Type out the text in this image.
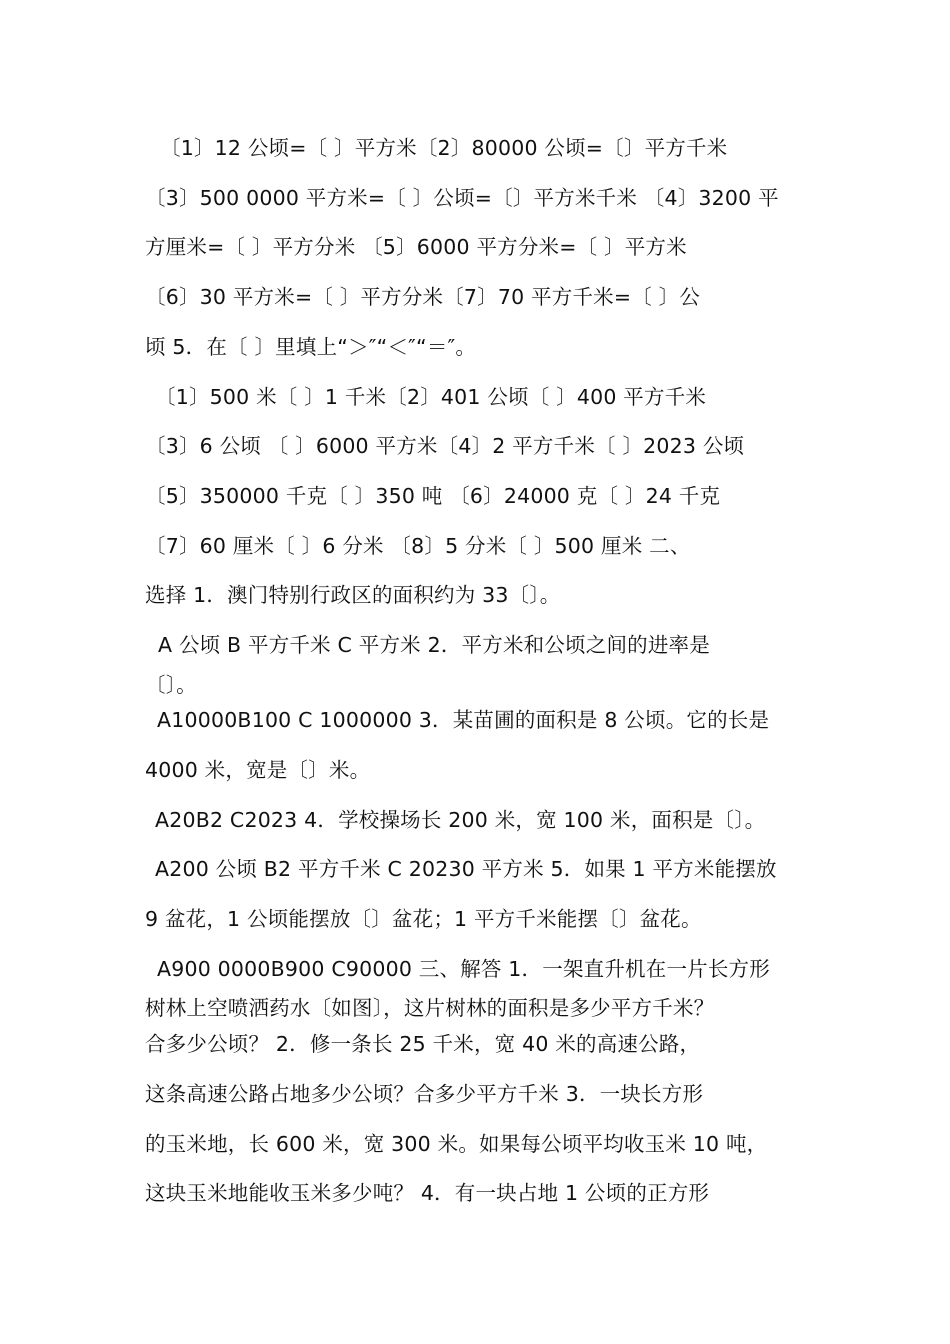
〔1〕12 公顷=〔 〕平方米〔2〕80000 公顷=〔〕平方千米
〔3〕500 0000 平方米=〔 〕公顷=〔〕平方米千米 〔4〕3200 平
方厘米=〔 〕平方分米 〔5〕6000 平方分米=〔 〕平方米
〔6〕30 平方米=〔 〕平方分米〔7〕70 平方千米=〔 〕公
顷 5．在〔 〕里填上“＞″“＜″“＝″。
〔1〕500 米〔 〕1 千米〔2〕401 公顷〔 〕400 平方千米
〔3〕6 公顷 〔 〕6000 平方米〔4〕2 平方千米〔 〕2023 公顷
〔5〕350000 千克〔 〕350 吨 〔6〕24000 克〔 〕24 千克
〔7〕60 厘米〔 〕6 分米 〔8〕5 分米〔 〕500 厘米 二、
选择 1．澳门特别行政区的面积约为 33〔〕。
A 公顷 B 平方千米 C 平方米 2．平方米和公顷之间的进率是
〔〕。
A10000B100 C 1000000 3．某苗圃的面积是 8 公顷。它的长是
4000 米，宽是〔〕米。
A20B2 C2023 4．学校操场长 200 米，宽 100 米，面积是〔〕。
A200 公顷 B2 平方千米 C 20230 平方米 5．如果 1 平方米能摆放
9 盆花，1 公顷能摆放〔〕盆花；1 平方千米能摆〔〕盆花。
A900 0000B900 C90000 三、解答 1．一架直升机在一片长方形
树林上空喷洒药水〔如图〕，这片树林的面积是多少平方千米？
合多少公顷？ 2．修一条长 25 千米，宽 40 米的高速公路，
这条高速公路占地多少公顷？合多少平方千米 3．一块长方形
的玉米地，长 600 米，宽 300 米。如果每公顷平均收玉米 10 吨，
这块玉米地能收玉米多少吨？ 4．有一块占地 1 公顷的正方形
